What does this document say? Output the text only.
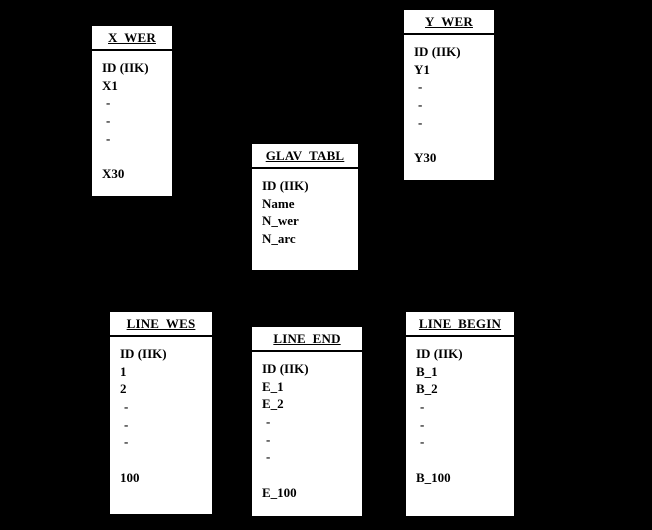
X_WER
ID (IIK)
X1
-
-
-

X30
Y_WER
ID (IIK)
Y1
-
-
-

Y30
GLAV_TABL
ID (IIK)
Name
N_wer
N_arc
LINE_WES
ID (IIK)
1
2
-
-
-

100
LINE_END
ID (IIK)
E_1
E_2
-
-
-

E_100
LINE_BEGIN
ID (IIK)
B_1
B_2
-
-
-

B_100
